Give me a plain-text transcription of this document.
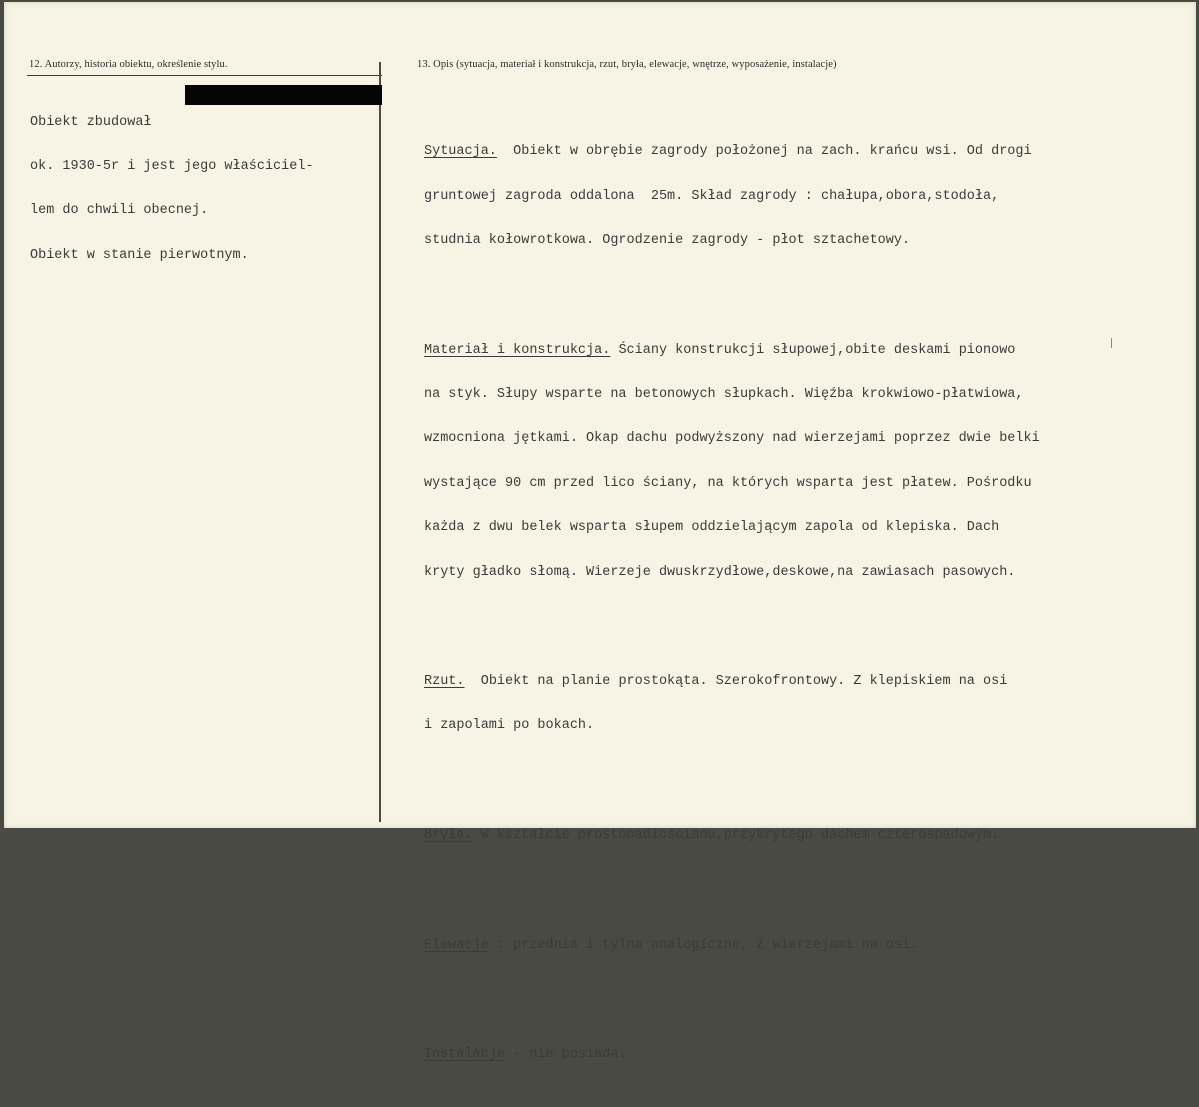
12. Autorzy, historia obiektu, określenie stylu.	13. Opis (sytuacja, materiał i konstrukcja, rzut, bryła, elewacje, wnętrze, wyposażenie, instalacje)

Obiekt zbudował

ok. 1930-5r i jest jego właściciel-

lem do chwili obecnej.

Obiekt w stanie pierwotnym.

Sytuacja.  Obiekt w obrębie zagrody położonej na zach. krańcu wsi. Od drogi

gruntowej zagroda oddalona  25m. Skład zagrody : chałupa,obora,stodoła,

studnia kołowrotkowa. Ogrodzenie zagrody - płot sztachetowy.

Materiał i konstrukcja. Ściany konstrukcji słupowej,obite deskami pionowo

na styk. Słupy wsparte na betonowych słupkach. Więźba krokwiowo-płatwiowa,

wzmocniona jętkami. Okap dachu podwyższony nad wierzejami poprzez dwie belki

wystające 90 cm przed lico ściany, na których wsparta jest płatew. Pośrodku

każda z dwu belek wsparta słupem oddzielającym zapola od klepiska. Dach

kryty gładko słomą. Wierzeje dwuskrzydłowe,deskowe,na zawiasach pasowych.

Rzut.  Obiekt na planie prostokąta. Szerokofrontowy. Z klepiskiem na osi

i zapolami po bokach.

Bryła. W kształcie prostopadłościanu,przykrytego dachem czterospadowym.

Elewacje : przednia i tylna analogiczne, z wierzejami na osi.

Instalacje - nie posiada.
